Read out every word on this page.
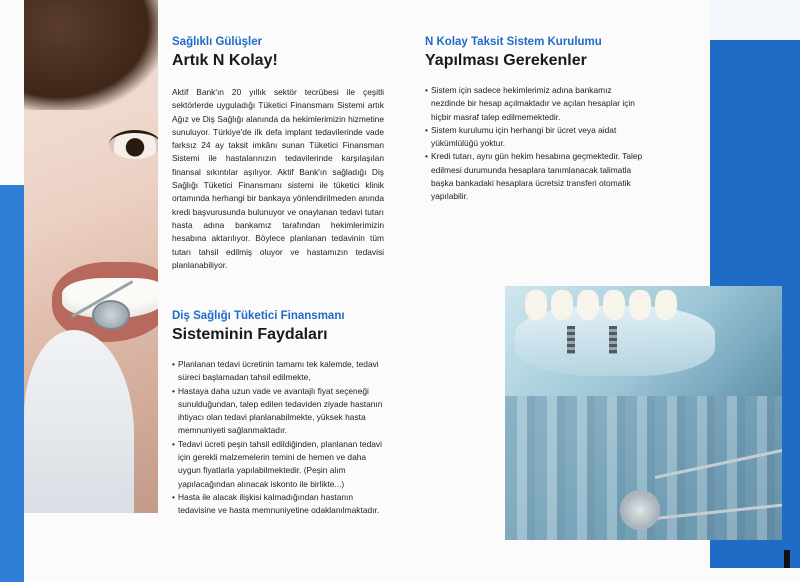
Sağlıklı Gülüşler

Artık N Kolay!

Aktif Bank'ın 20 yıllık sektör tecrübesi ile çeşitli sektörlerde uyguladığı Tüketici Finansmanı Sistemi artık Ağız ve Diş Sağlığı alanında da hekimlerimizin hizmetine sunuluyor. Türkiye'de ilk defa implant tedavilerinde vade farksız 24 ay taksit imkânı sunan Tüketici Finansman Sistemi ile hastalarınızın tedavilerinde karşılaşılan finansal sıkıntılar aşılıyor. Aktif Bank'ın sağladığı Diş Sağlığı Tüketici Finansmanı sistemi ile tüketici klinik ortamında herhangi bir bankaya yönlendirilmeden anında kredi başvurusunda bulunuyor ve onaylanan tedavi tutarı hasta adına bankamız tarafından hekimlerimizin hesabına aktarılıyor. Böylece planlanan tedavinin tüm tutarı tahsil edilmiş oluyor ve hastamızın tedavisi planlanabiliyor.

N Kolay Taksit Sistem Kurulumu

Yapılması Gerekenler
• Sistem için sadece hekimlerimiz adına bankamız nezdinde bir hesap açılmaktadır ve açılan hesaplar için hiçbir masraf talep edilmemektedir.
• Sistem kurulumu için herhangi bir ücret veya aidat yükümlülüğü yoktur.
• Kredi tutarı, aynı gün hekim hesabına geçmektedir. Talep edilmesi durumunda hesaplara tanımlanacak talimatla başka bankadaki hesaplara ücretsiz transferi otomatik yapılabilir.

Diş Sağlığı Tüketici Finansmanı

Sisteminin Faydaları
• Planlanan tedavi ücretinin tamamı tek kalemde, tedavi süreci başlamadan tahsil edilmekte,
• Hastaya daha uzun vade ve avantajlı fiyat seçeneği sunulduğundan, talep edilen tedaviden ziyade hastanın ihtiyacı olan tedavi planlanabilmekte, yüksek hasta memnuniyeti sağlanmaktadır.
• Tedavi ücreti peşin tahsil edildiğinden, planlanan tedavi için gerekli malzemelerin temini de hemen ve daha uygun fiyatlarla yapılabilmektedir. (Peşin alım yapılacağından alınacak iskonto ile birlikte...)
• Hasta ile alacak ilişkisi kalmadığından hastanın tedavisine ve hasta memnuniyetine odaklanılmaktadır.
